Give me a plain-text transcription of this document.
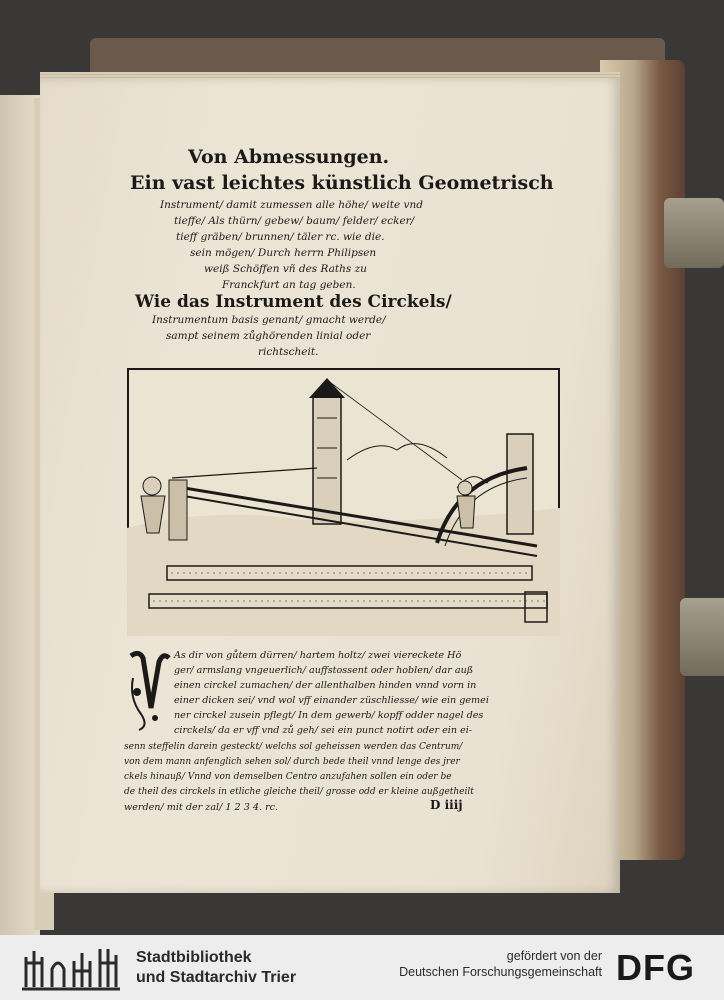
Von Abmessungen.
Ein vast leichtes künstlich Geometrisch
Instrument/ damit zumessen alle höhe/ weite vnd
tieffe/ Als thürn/ gebew/ baum/ felder/ ecker/
tieff gräben/ brunnen/ täler rc. wie die.
sein mögen/ Durch herrn Philipsen
weiß Schöffen vñ des Raths zu
Franckfurt an tag geben.
Wie das Instrument des Circkels/
Instrumentum basis genant/ gmacht werde/
sampt seinem zůghörenden linial oder
richtscheit.
As dir von gůtem dürren/ hartem holtz/ zwei viereckete Hö
ger/ armslang vngeuerlich/ auffstossent oder hoblen/ dar auß
einen circkel zumachen/ der allenthalben hinden vnnd vorn in
einer dicken sei/ vnd wol vff einander züschliesse/ wie ein gemei
ner circkel zusein pflegt/ In dem gewerb/ kopff odder nagel des
circkels/ da er vff vnd zů geh/ sei ein punct notirt oder ein ei-
senn steffelin darein gesteckt/ welchs sol geheissen werden das Centrum/
von dem mann anfenglich sehen sol/ durch bede theil vnnd lenge des jrer
ckels hinauß/ Vnnd von demselben Centro anzufahen sollen ein oder be
de theil des circkels in etliche gleiche theil/ grosse odd er kleine außgetheilt
werden/ mit der zal/ 1 2 3 4. rc.	D iiij
Stadtbibliothek
und Stadtarchiv Trier
gefördert von der
Deutschen Forschungsgemeinschaft DFG
